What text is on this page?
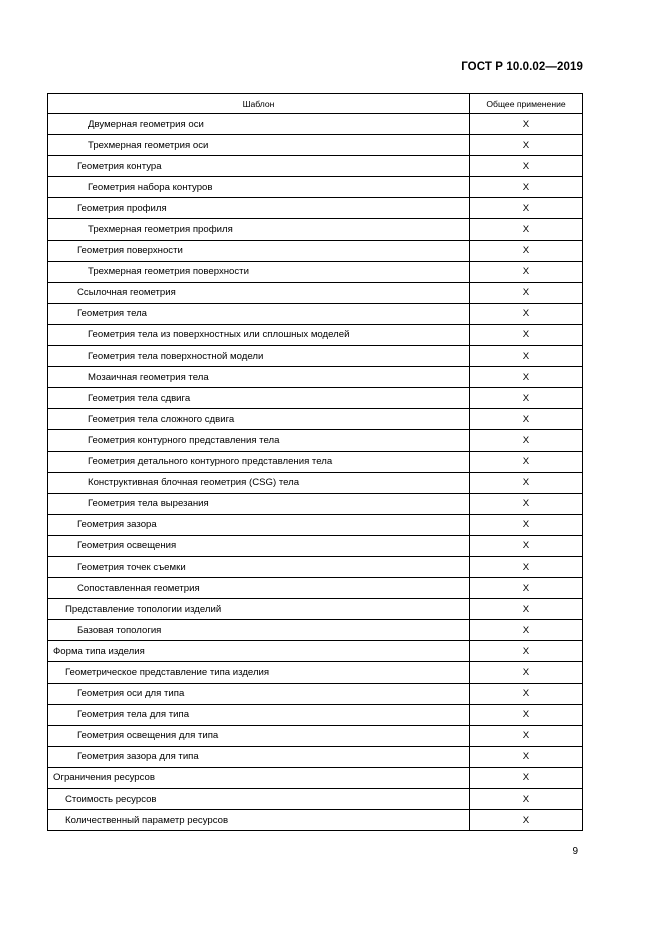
ГОСТ Р 10.0.02—2019
Шаблон	Общее применение
Двумерная геометрия оси	X
Трехмерная геометрия оси	X
Геометрия контура	X
Геометрия набора контуров	X
Геометрия профиля	X
Трехмерная геометрия профиля	X
Геометрия поверхности	X
Трехмерная геометрия поверхности	X
Ссылочная геометрия	X
Геометрия тела	X
Геометрия тела из поверхностных или сплошных моделей	X
Геометрия тела поверхностной модели	X
Мозаичная геометрия тела	X
Геометрия тела сдвига	X
Геометрия тела сложного сдвига	X
Геометрия контурного представления тела	X
Геометрия детального контурного представления тела	X
Конструктивная блочная геометрия (CSG) тела	X
Геометрия тела вырезания	X
Геометрия зазора	X
Геометрия освещения	X
Геометрия точек съемки	X
Сопоставленная геометрия	X
Представление топологии изделий	X
Базовая топология	X
Форма типа изделия	X
Геометрическое представление типа изделия	X
Геометрия оси для типа	X
Геометрия тела для типа	X
Геометрия освещения для типа	X
Геометрия зазора для типа	X
Ограничения ресурсов	X
Стоимость ресурсов	X
Количественный параметр ресурсов	X
9
